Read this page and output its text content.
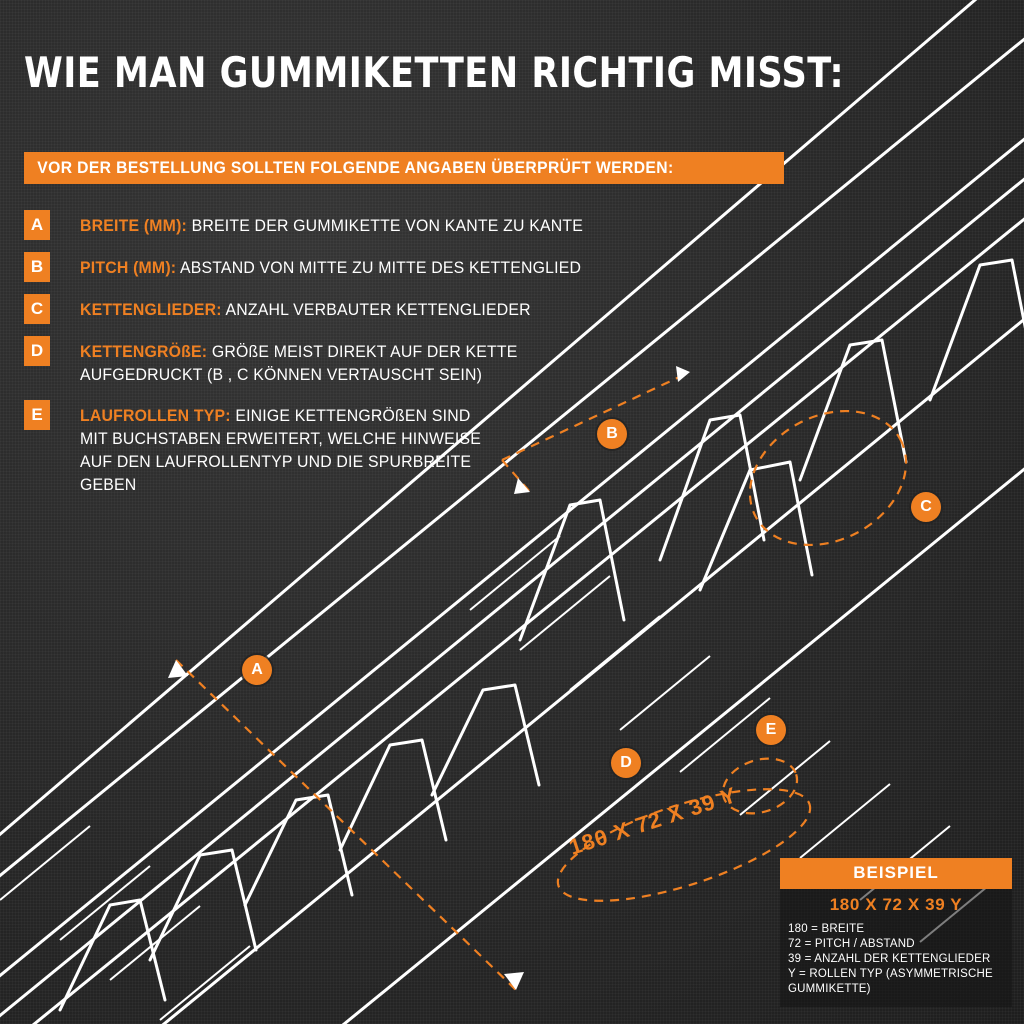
WIE MAN GUMMIKETTEN RICHTIG MISST:
VOR DER BESTELLUNG SOLLTEN FOLGENDE ANGABEN ÜBERPRÜFT WERDEN:
A	BREITE (MM): BREITE DER GUMMIKETTE VON KANTE ZU KANTE
B	PITCH (MM): ABSTAND VON MITTE ZU MITTE DES KETTENGLIED
C	KETTENGLIEDER: ANZAHL VERBAUTER KETTENGLIEDER
D	KETTENGRÖßE: GRÖßE MEIST DIREKT AUF DER KETTE AUFGEDRUCKT (B , C KÖNNEN VERTAUSCHT SEIN)
E	LAUFROLLEN TYP: EINIGE KETTENGRÖßEN SIND MIT BUCHSTABEN ERWEITERT, WELCHE HINWEISE AUF DEN LAUFROLLENTYP UND DIE SPURBREITE GEBEN
A
B
C
D
E
180 X 72 X 39 Y
BEISPIEL
180 X 72 X 39 Y
180 = BREITE
72 = PITCH / ABSTAND
39 = ANZAHL DER KETTENGLIEDER
Y = ROLLEN TYP (ASYMMETRISCHE GUMMIKETTE)
